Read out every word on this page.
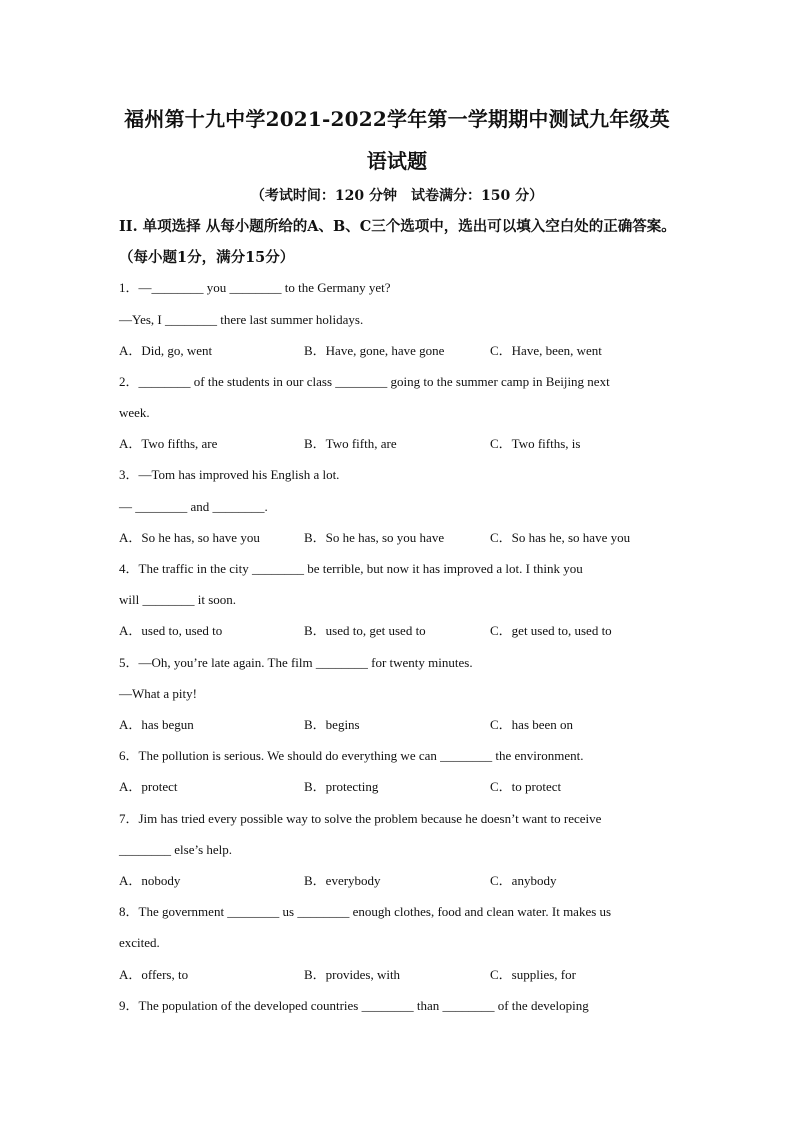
福州第十九中学2021-2022学年第一学期期中测试九年级英
语试题
（考试时间：120 分钟　试卷满分：150 分）
II. 单项选择 从每小题所给的A、B、C三个选项中，选出可以填入空白处的正确答案。（每小题1分，满分15分）
1．—________ you ________ to the Germany yet?
—Yes, I ________ there last summer holidays.
A．Did, go, went	B．Have, gone, have gone	C．Have, been, went
2．________ of the students in our class ________ going to the summer camp in Beijing next
week.
A．Two fifths, are	B．Two fifth, are	C．Two fifths, is
3．—Tom has improved his English a lot.
— ________ and ________.
A．So he has, so have you	B．So he has, so you have	C．So has he, so have you
4．The traffic in the city ________ be terrible, but now it has improved a lot. I think you
will ________ it soon.
A．used to, used to	B．used to, get used to	C．get used to, used to
5．—Oh, you’re late again. The film ________ for twenty minutes.
—What a pity!
A．has begun	B．begins	C．has been on
6．The pollution is serious. We should do everything we can ________ the environment.
A．protect	B．protecting	C．to protect
7．Jim has tried every possible way to solve the problem because he doesn’t want to receive
________ else’s help.
A．nobody	B．everybody	C．anybody
8．The government ________ us ________ enough clothes, food and clean water. It makes us
excited.
A．offers, to	B．provides, with	C．supplies, for
9．The population of the developed countries ________ than ________ of the developing
